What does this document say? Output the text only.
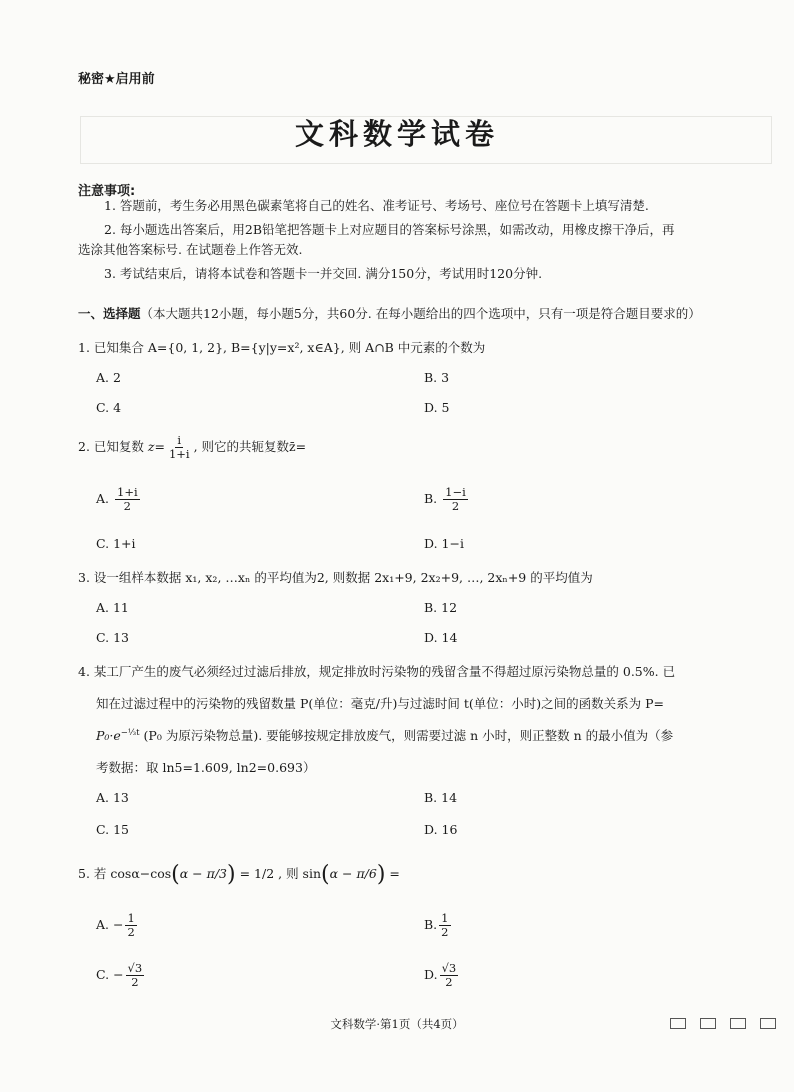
秘密★启用前
文科数学试卷
注意事项:
1. 答题前，考生务必用黑色碳素笔将自己的姓名、准考证号、考场号、座位号在答题卡上填写清楚.
2. 每小题选出答案后，用2B铅笔把答题卡上对应题目的答案标号涂黑，如需改动，用橡皮擦干净后，再
选涂其他答案标号. 在试题卷上作答无效.
3. 考试结束后，请将本试卷和答题卡一并交回. 满分150分，考试用时120分钟.
一、选择题（本大题共12小题，每小题5分，共60分. 在每小题给出的四个选项中，只有一项是符合题目要求的）
1. 已知集合 A={0, 1, 2}, B={y|y=x², x∈A}, 则 A∩B 中元素的个数为
A. 2	B. 3
C. 4	D. 5
2. 已知复数 $z= \frac{i}{1+i}$ , 则它的共轭复数z̄=
A. $\frac{1+i}{2}$	B. $\frac{1-i}{2}$
C. 1+i	D. 1−i
3. 设一组样本数据 x₁, x₂, …xₙ 的平均值为2, 则数据 2x₁+9, 2x₂+9, …, 2xₙ+9 的平均值为
A. 11	B. 12
C. 13	D. 14
4. 某工厂产生的废气必须经过过滤后排放，规定排放时污染物的残留含量不得超过原污染物总量的 0.5%. 已
知在过滤过程中的污染物的残留数量 P(单位：毫克/升)与过滤时间 t(单位：小时)之间的函数关系为 P=
$P_0\cdot e^{-\frac{1}{3}t}$ (P₀ 为原污染物总量). 要能够按规定排放废气，则需要过滤 n 小时，则正整数 n 的最小值为（参
考数据：取 ln5=1.609, ln2=0.693）
A. 13	B. 14
C. 15	D. 16
5. 若 cosα−cos(α − π/3) = 1/2 , 则 sin(α − π/6) =
A. − $\frac{1}{2}$	B. $\frac{1}{2}$
C. − $\frac{√3}{2}$	D. $\frac{√3}{2}$
文科数学·第1页（共4页）
